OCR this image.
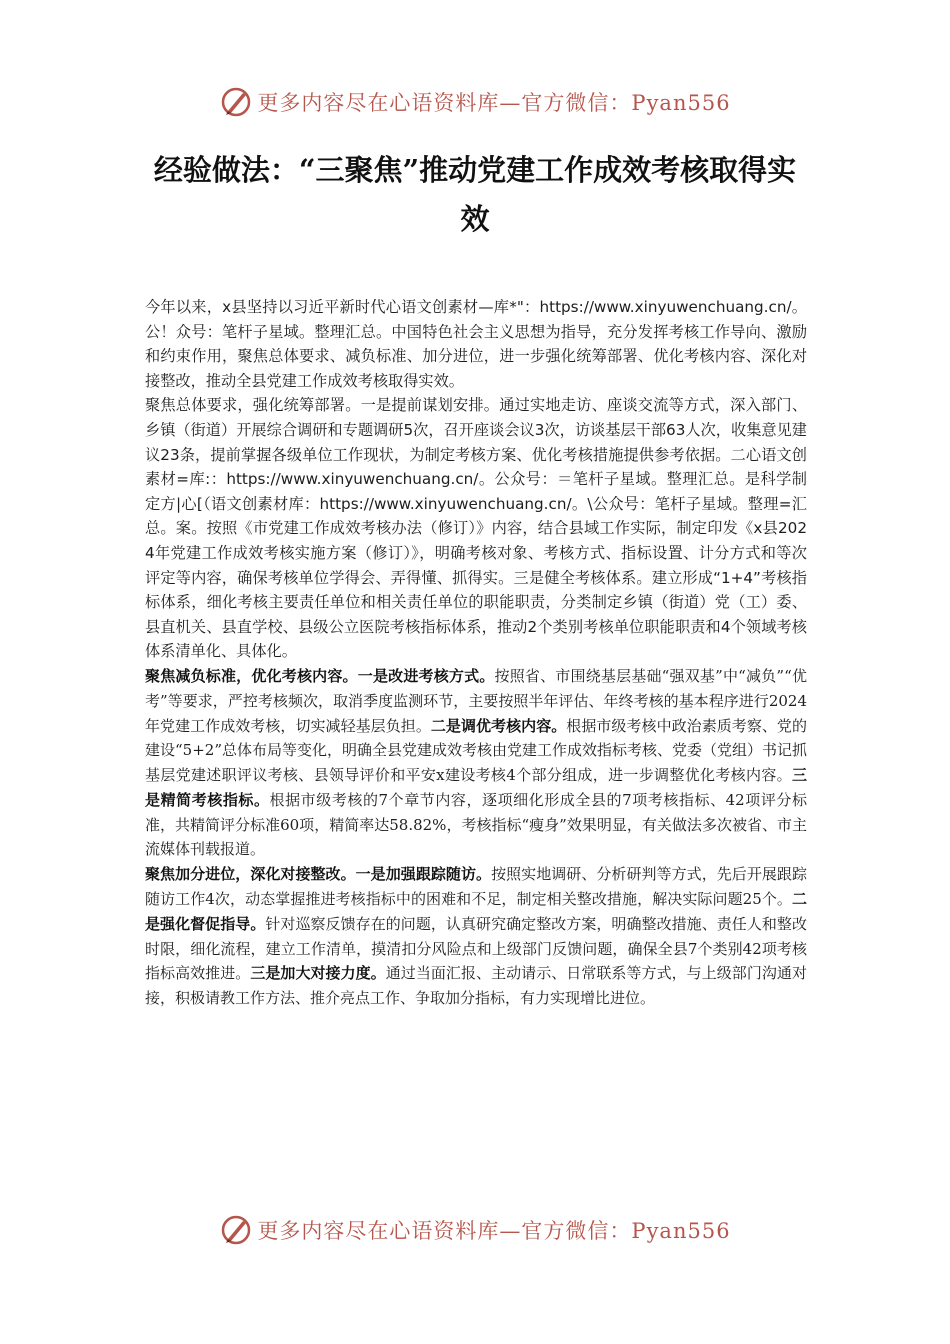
更多内容尽在心语资料库—官方微信：Pyan556
经验做法：“三聚焦”推动党建工作成效考核取得实效

今年以来，x县坚持以习近平新时代心语文创素材—库*"：https://www.xinyuwenchuang.cn/。公！众号：笔杆子星域。整理汇总。中国特色社会主义思想为指导，充分发挥考核工作导向、激励和约束作用，聚焦总体要求、减负标准、加分进位，进一步强化统筹部署、优化考核内容、深化对接整改，推动全县党建工作成效考核取得实效。

聚焦总体要求，强化统筹部署。一是提前谋划安排。通过实地走访、座谈交流等方式，深入部门、乡镇（街道）开展综合调研和专题调研5次，召开座谈会议3次，访谈基层干部63人次，收集意见建议23条，提前掌握各级单位工作现状，为制定考核方案、优化考核措施提供参考依据。二心语文创素材=库:：https://www.xinyuwenchuang.cn/。公众号：＝笔杆子星域。整理汇总。是科学制定方|心[（语文创素材库：https://www.xinyuwenchuang.cn/。\公众号：笔杆子星域。整理=汇总。案。按照《市党建工作成效考核办法（修订）》内容，结合县域工作实际，制定印发《x县2024年党建工作成效考核实施方案（修订）》，明确考核对象、考核方式、指标设置、计分方式和等次评定等内容，确保考核单位学得会、弄得懂、抓得实。三是健全考核体系。建立形成“1+4”考核指标体系，细化考核主要责任单位和相关责任单位的职能职责，分类制定乡镇（街道）党（工）委、县直机关、县直学校、县级公立医院考核指标体系，推动2个类别考核单位职能职责和4个领域考核体系清单化、具体化。

聚焦减负标准，优化考核内容。一是改进考核方式。按照省、市围绕基层基础“强双基”中“减负”“优考”等要求，严控考核频次，取消季度监测环节，主要按照半年评估、年终考核的基本程序进行2024年党建工作成效考核，切实减轻基层负担。二是调优考核内容。根据市级考核中政治素质考察、党的建设“5+2”总体布局等变化，明确全县党建成效考核由党建工作成效指标考核、党委（党组）书记抓基层党建述职评议考核、县领导评价和平安x建设考核4个部分组成，进一步调整优化考核内容。三是精简考核指标。根据市级考核的7个章节内容，逐项细化形成全县的7项考核指标、42项评分标准，共精简评分标准60项，精简率达58.82%，考核指标“瘦身”效果明显，有关做法多次被省、市主流媒体刊载报道。

聚焦加分进位，深化对接整改。一是加强跟踪随访。按照实地调研、分析研判等方式，先后开展跟踪随访工作4次，动态掌握推进考核指标中的困难和不足，制定相关整改措施，解决实际问题25个。二是强化督促指导。针对巡察反馈存在的问题，认真研究确定整改方案，明确整改措施、责任人和整改时限，细化流程，建立工作清单，摸清扣分风险点和上级部门反馈问题，确保全县7个类别42项考核指标高效推进。三是加大对接力度。通过当面汇报、主动请示、日常联系等方式，与上级部门沟通对接，积极请教工作方法、推介亮点工作、争取加分指标，有力实现增比进位。

更多内容尽在心语资料库—官方微信：Pyan556
